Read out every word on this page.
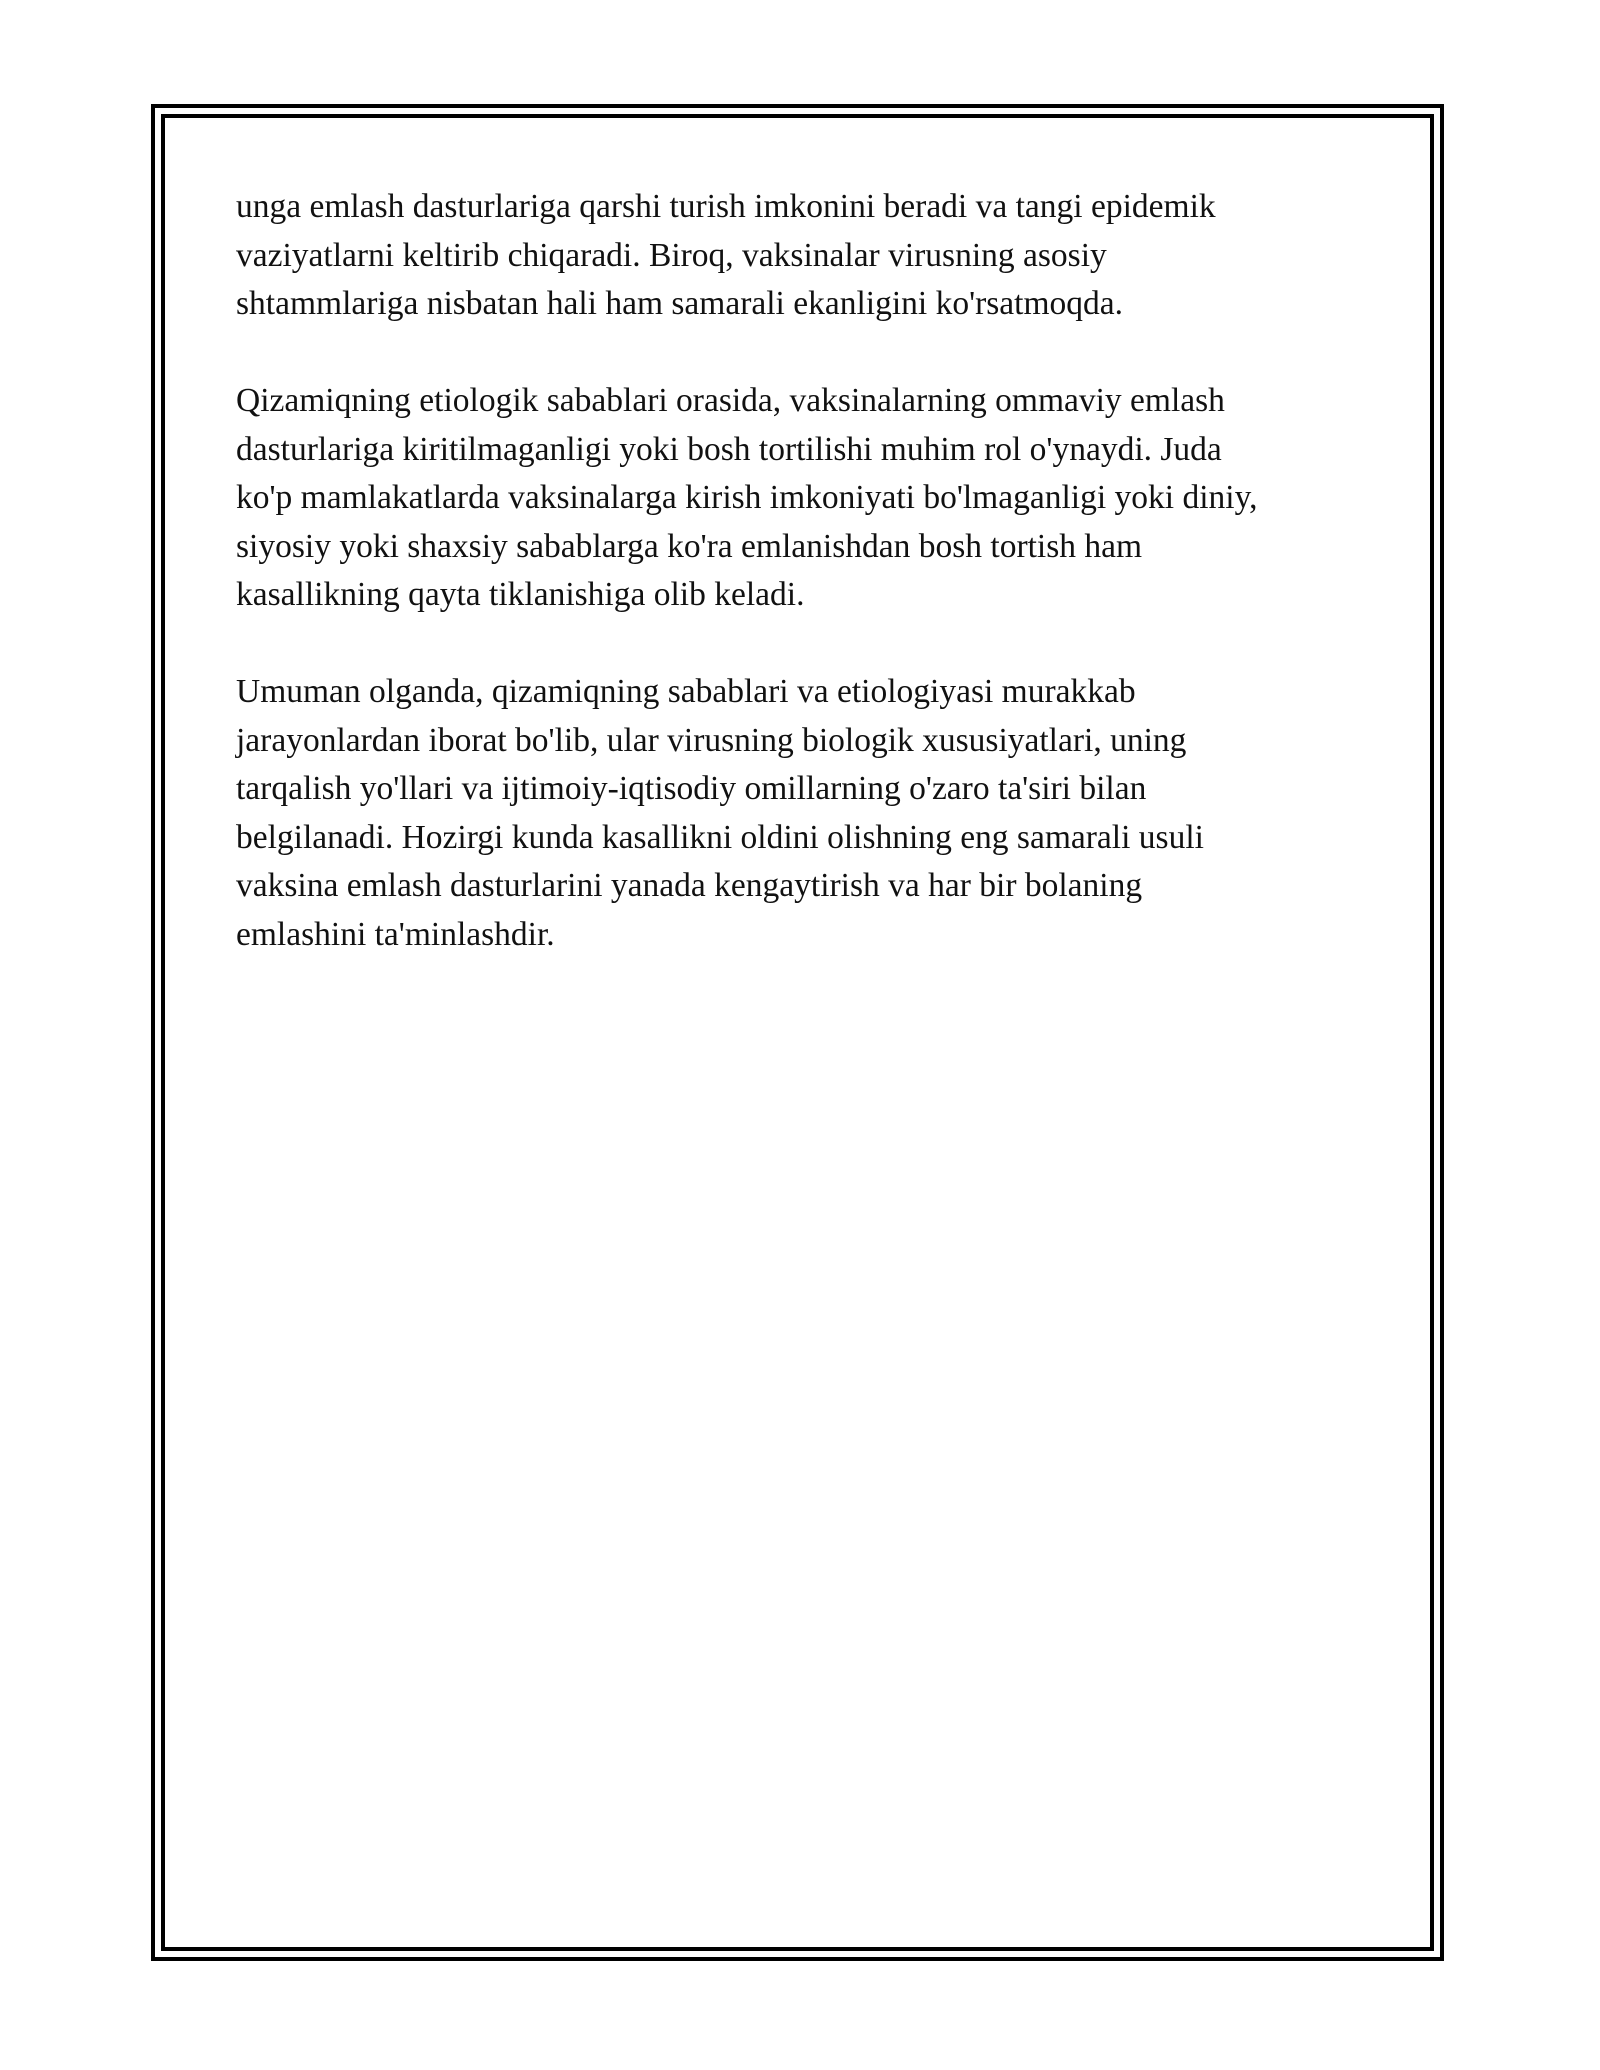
unga emlash dasturlariga qarshi turish imkonini beradi va tangi epidemik
vaziyatlarni keltirib chiqaradi. Biroq, vaksinalar virusning asosiy
shtammlariga nisbatan hali ham samarali ekanligini ko'rsatmoqda.

Qizamiqning etiologik sabablari orasida, vaksinalarning ommaviy emlash
dasturlariga kiritilmaganligi yoki bosh tortilishi muhim rol o'ynaydi. Juda
ko'p mamlakatlarda vaksinalarga kirish imkoniyati bo'lmaganligi yoki diniy,
siyosiy yoki shaxsiy sabablarga ko'ra emlanishdan bosh tortish ham
kasallikning qayta tiklanishiga olib keladi.

Umuman olganda, qizamiqning sabablari va etiologiyasi murakkab
jarayonlardan iborat bo'lib, ular virusning biologik xususiyatlari, uning
tarqalish yo'llari va ijtimoiy-iqtisodiy omillarning o'zaro ta'siri bilan
belgilanadi. Hozirgi kunda kasallikni oldini olishning eng samarali usuli
vaksina emlash dasturlarini yanada kengaytirish va har bir bolaning
emlashini ta'minlashdir.
